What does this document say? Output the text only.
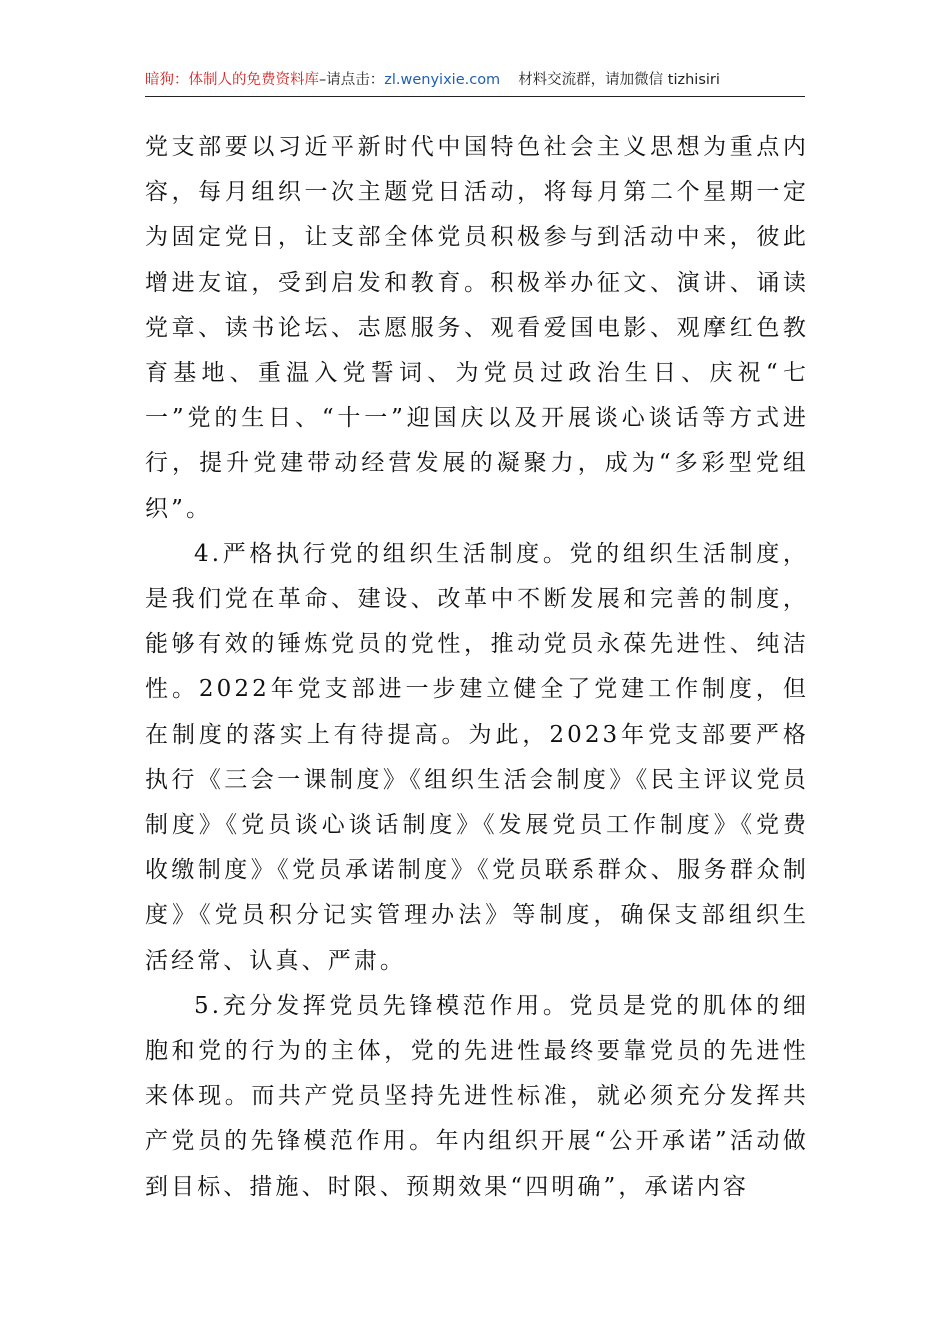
暗狗：体制人的免费资料库–请点击：zl.wenyixie.com 材料交流群，请加微信 tizhisiri

党支部要以习近平新时代中国特色社会主义思想为重点内容，每月组织一次主题党日活动，将每月第二个星期一定为固定党日，让支部全体党员积极参与到活动中来，彼此增进友谊，受到启发和教育。积极举办征文、演讲、诵读党章、读书论坛、志愿服务、观看爱国电影、观摩红色教育基地、重温入党誓词、为党员过政治生日、庆祝“七一”党的生日、“十一”迎国庆以及开展谈心谈话等方式进行，提升党建带动经营发展的凝聚力，成为“多彩型党组织”。

4.严格执行党的组织生活制度。党的组织生活制度，是我们党在革命、建设、改革中不断发展和完善的制度，能够有效的锤炼党员的党性，推动党员永葆先进性、纯洁性。2022年党支部进一步建立健全了党建工作制度，但在制度的落实上有待提高。为此，2023年党支部要严格执行《三会一课制度》《组织生活会制度》《民主评议党员制度》《党员谈心谈话制度》《发展党员工作制度》《党费收缴制度》《党员承诺制度》《党员联系群众、服务群众制度》《党员积分记实管理办法》等制度，确保支部组织生活经常、认真、严肃。

5.充分发挥党员先锋模范作用。党员是党的肌体的细胞和党的行为的主体，党的先进性最终要靠党员的先进性来体现。而共产党员坚持先进性标准，就必须充分发挥共产党员的先锋模范作用。年内组织开展“公开承诺”活动做到目标、措施、时限、预期效果“四明确”，承诺内容
